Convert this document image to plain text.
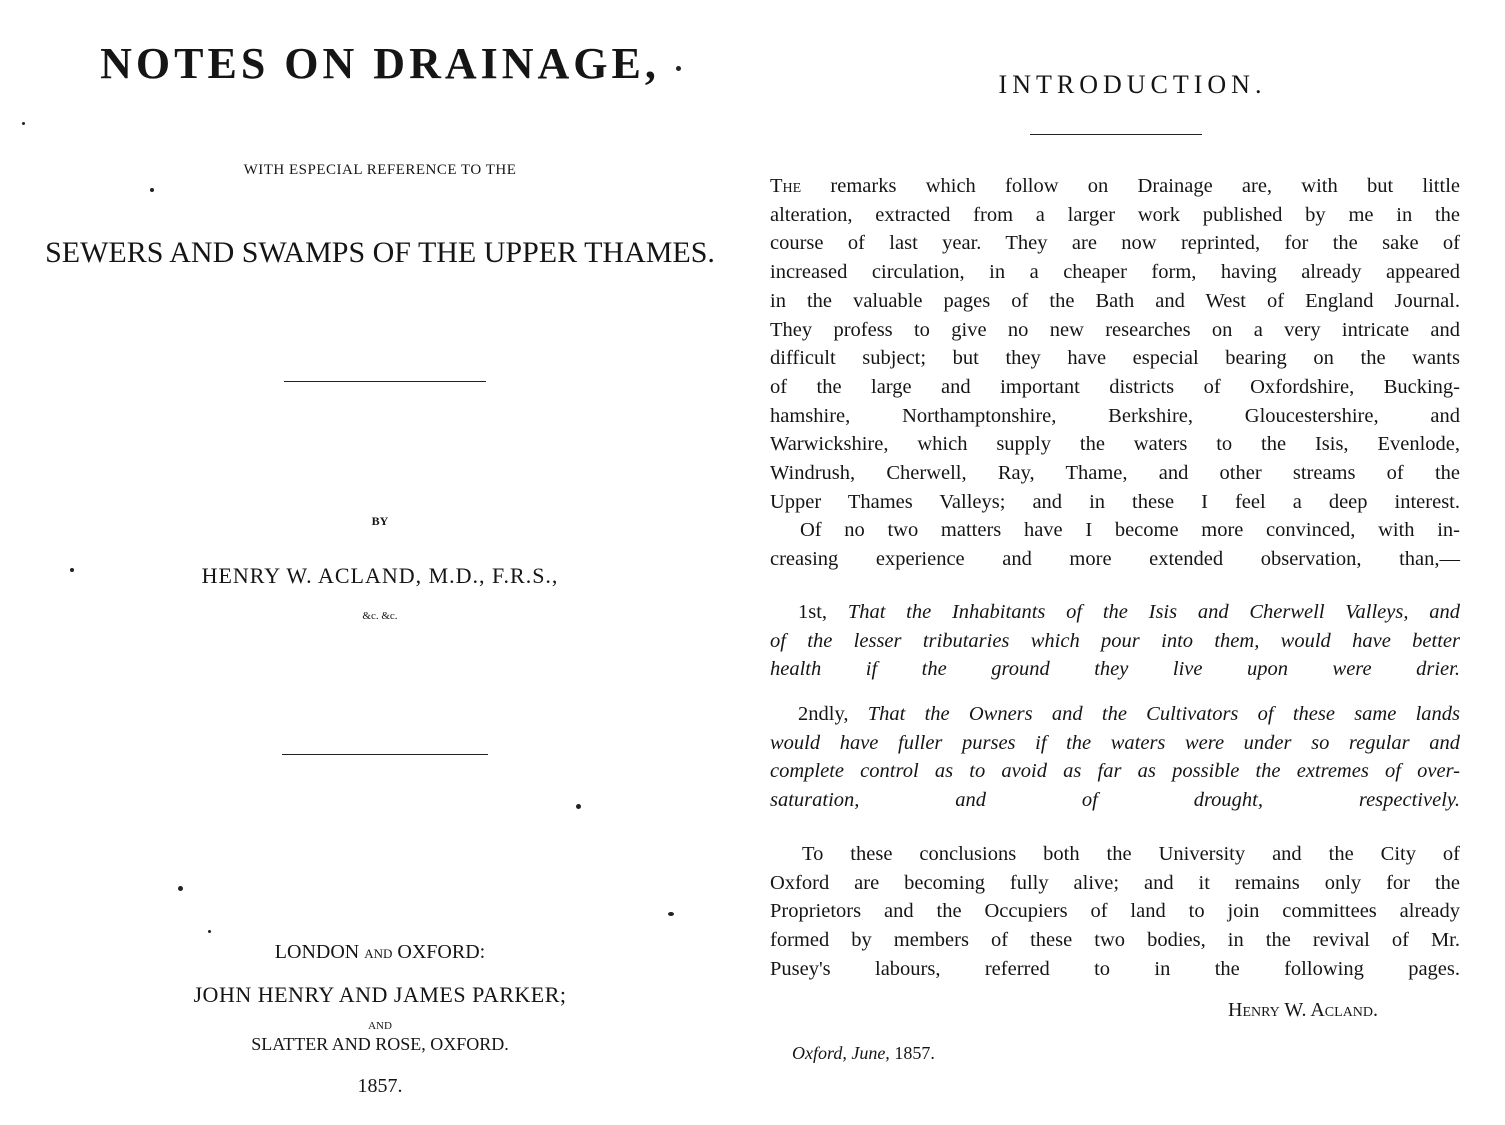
NOTES ON DRAINAGE,
WITH ESPECIAL REFERENCE TO THE
SEWERS AND SWAMPS OF THE UPPER THAMES.
BY
HENRY W. ACLAND, M.D., F.R.S.,
&c. &c.
LONDON AND OXFORD:
JOHN HENRY AND JAMES PARKER;
AND
SLATTER AND ROSE, OXFORD.
1857.
INTRODUCTION.
The remarks which follow on Drainage are, with but little
alteration, extracted from a larger work published by me in the
course of last year. They are now reprinted, for the sake of
increased circulation, in a cheaper form, having already appeared
in the valuable pages of the Bath and West of England Journal.
They profess to give no new researches on a very intricate and
difficult subject; but they have especial bearing on the wants
of the large and important districts of Oxfordshire, Bucking-
hamshire, Northamptonshire, Berkshire, Gloucestershire, and
Warwickshire, which supply the waters to the Isis, Evenlode,
Windrush, Cherwell, Ray, Thame, and other streams of the
Upper Thames Valleys; and in these I feel a deep interest.
Of no two matters have I become more convinced, with in-
creasing experience and more extended observation, than,—
1st, That the Inhabitants of the Isis and Cherwell Valleys, and
of the lesser tributaries which pour into them, would have better
health if the ground they live upon were drier.
2ndly, That the Owners and the Cultivators of these same lands
would have fuller purses if the waters were under so regular and
complete control as to avoid as far as possible the extremes of over-
saturation, and of drought, respectively.
To these conclusions both the University and the City of
Oxford are becoming fully alive; and it remains only for the
Proprietors and the Occupiers of land to join committees already
formed by members of these two bodies, in the revival of Mr.
Pusey's labours, referred to in the following pages.
Henry W. Acland.
Oxford, June, 1857.
